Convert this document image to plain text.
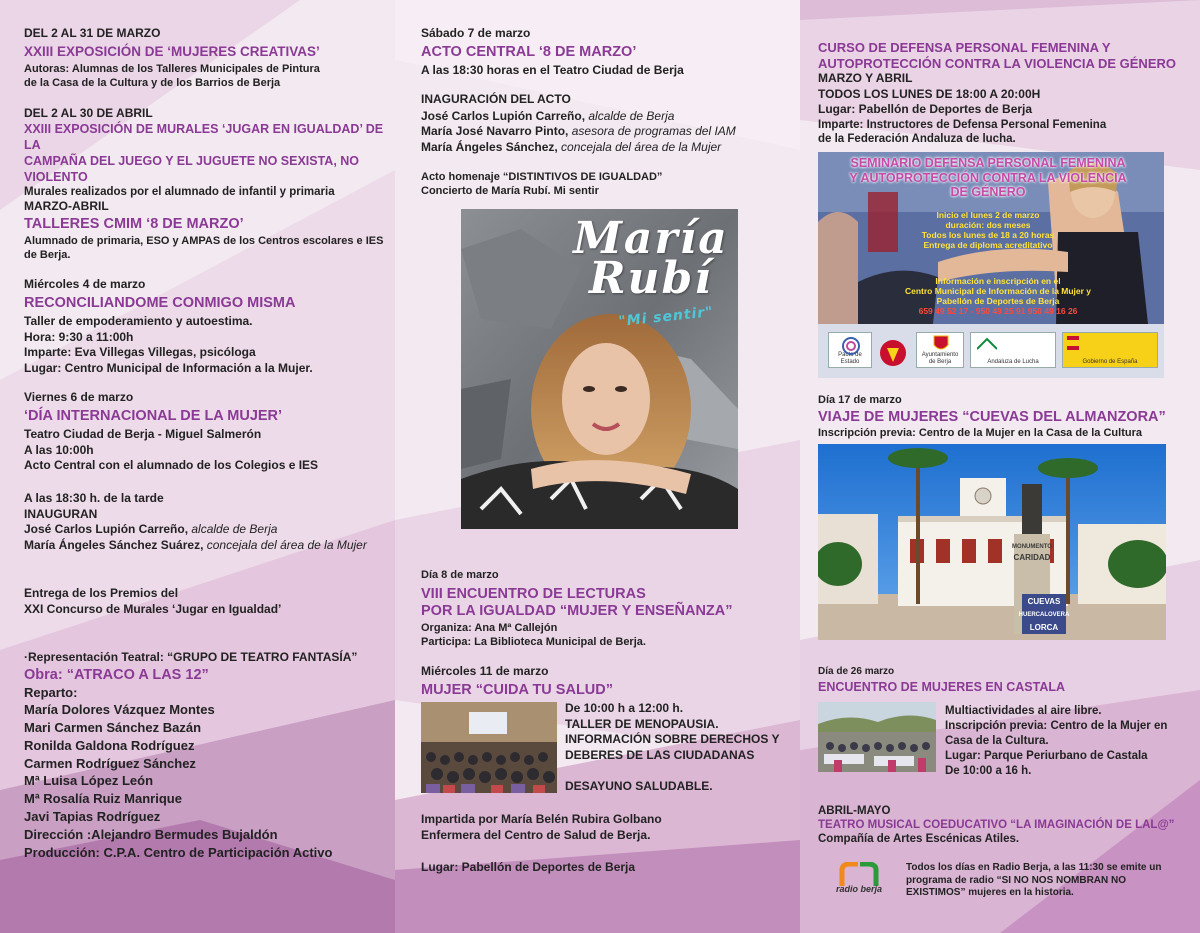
DEL 2 AL 31 DE MARZO
XXIII EXPOSICIÓN DE ‘MUJERES CREATIVAS’
Autoras: Alumnas de los Talleres Municipales de Pintura
de la Casa de la Cultura y de los Barrios de Berja
DEL 2 AL 30 DE ABRIL
XXIII EXPOSICIÓN DE MURALES ‘JUGAR EN IGUALDAD’ DE LA
CAMPAÑA DEL JUEGO Y EL JUGUETE NO SEXISTA, NO VIOLENTO
Murales realizados por el alumnado de infantil y primaria
MARZO-ABRIL
TALLERES CMIM ‘8 DE MARZO’
Alumnado de primaria, ESO y AMPAS de los Centros escolares e IES
de Berja.
Miércoles 4 de marzo
RECONCILIANDOME CONMIGO MISMA
Taller de empoderamiento y autoestima.
Hora: 9:30 a 11:00h
Imparte: Eva Villegas Villegas, psicóloga
Lugar: Centro Municipal de Información a la Mujer.
Viernes 6 de marzo
‘DÍA INTERNACIONAL DE LA MUJER’
Teatro Ciudad de Berja - Miguel Salmerón
A las 10:00h
Acto Central con el alumnado de los Colegios e IES
A las 18:30 h. de la tarde
INAUGURAN
José Carlos Lupión Carreño, alcalde de Berja
María Ángeles Sánchez Suárez, concejala del área de la Mujer
Entrega de los Premios del
XXI Concurso de Murales ‘Jugar en Igualdad’
·Representación Teatral: “GRUPO DE TEATRO FANTASÍA”
Obra: “ATRACO A LAS 12”
Reparto:
María Dolores Vázquez Montes
Mari Carmen Sánchez Bazán
Ronilda Galdona Rodríguez
Carmen Rodríguez Sánchez
Mª Luisa López León
Mª Rosalía Ruiz Manrique
Javi Tapias Rodríguez
Dirección :Alejandro Bermudes Bujaldón
Producción: C.P.A. Centro de Participación Activo
Sábado 7 de marzo
ACTO CENTRAL ‘8 DE MARZO’
A las 18:30 horas en el Teatro Ciudad de Berja
INAGURACIÓN DEL ACTO
José Carlos Lupión Carreño, alcalde de Berja
María José Navarro Pinto, asesora de programas del IAM
María Ángeles Sánchez, concejala del área de la Mujer
Acto homenaje “DISTINTIVOS DE IGUALDAD”
Concierto de María Rubí. Mi sentir
Día 8 de marzo
VIII ENCUENTRO DE LECTURAS
POR LA IGUALDAD “MUJER Y ENSEÑANZA”
Organiza: Ana Mª Callejón
Participa: La Biblioteca Municipal de Berja.
Miércoles 11 de marzo
MUJER “CUIDA TU SALUD”
De 10:00 h a 12:00 h.
TALLER DE MENOPAUSIA.
INFORMACIÓN SOBRE DERECHOS Y
DEBERES DE LAS CIUDADANAS
DESAYUNO SALUDABLE.
Impartida por María Belén Rubira Golbano
Enfermera del Centro de Salud de Berja.
Lugar: Pabellón de Deportes de Berja
María
Rubí
"Mi sentir"
CURSO DE DEFENSA PERSONAL FEMENINA Y
AUTOPROTECCIÓN CONTRA LA VIOLENCIA DE GÉNERO
MARZO Y ABRIL
TODOS LOS LUNES DE 18:00 A 20:00H
Lugar: Pabellón de Deportes de Berja
Imparte: Instructores de Defensa Personal Femenina
de la Federación Andaluza de lucha.
Día 17 de marzo
VIAJE DE MUJERES “CUEVAS DEL ALMANZORA”
Inscripción previa: Centro de la Mujer en la Casa de la Cultura
Día de 26 marzo
ENCUENTRO DE MUJERES EN CASTALA
Multiactividades al aire libre.
Inscripción previa: Centro de la Mujer en
Casa de la Cultura.
Lugar: Parque Periurbano de Castala
De 10:00 a 16 h.
ABRIL-MAYO
TEATRO MUSICAL COEDUCATIVO “LA IMAGINACIÓN DE LAL@”
Compañía de Artes Escénicas Atiles.
Todos los días en Radio Berja, a las 11:30 se emite un
programa de radio “SI NO NOS NOMBRAN NO
EXISTIMOS” mujeres en la historia.
SEMINARIO DEFENSA PERSONAL FEMENINA
Y AUTOPROTECCIÓN CONTRA LA VIOLENCIA
DE GÉNERO
Inicio el lunes 2 de marzo
duración: dos meses
Todos los lunes de 18 a 20 horas
Entrega de diploma acreditativo
Información e inscripción en el
Centro Municipal de Información de la Mujer y
Pabellón de Deportes de Berja
659 49 52 17 - 950 49 25 91 950 49 16 26
Pacto de Estado
Ayuntamiento de Berja	Andaluza de Lucha	Gobierno de España
MONUMENTO
CARIDAD
CUEVAS
HUERCALOVERA
LORCA
radio berja
